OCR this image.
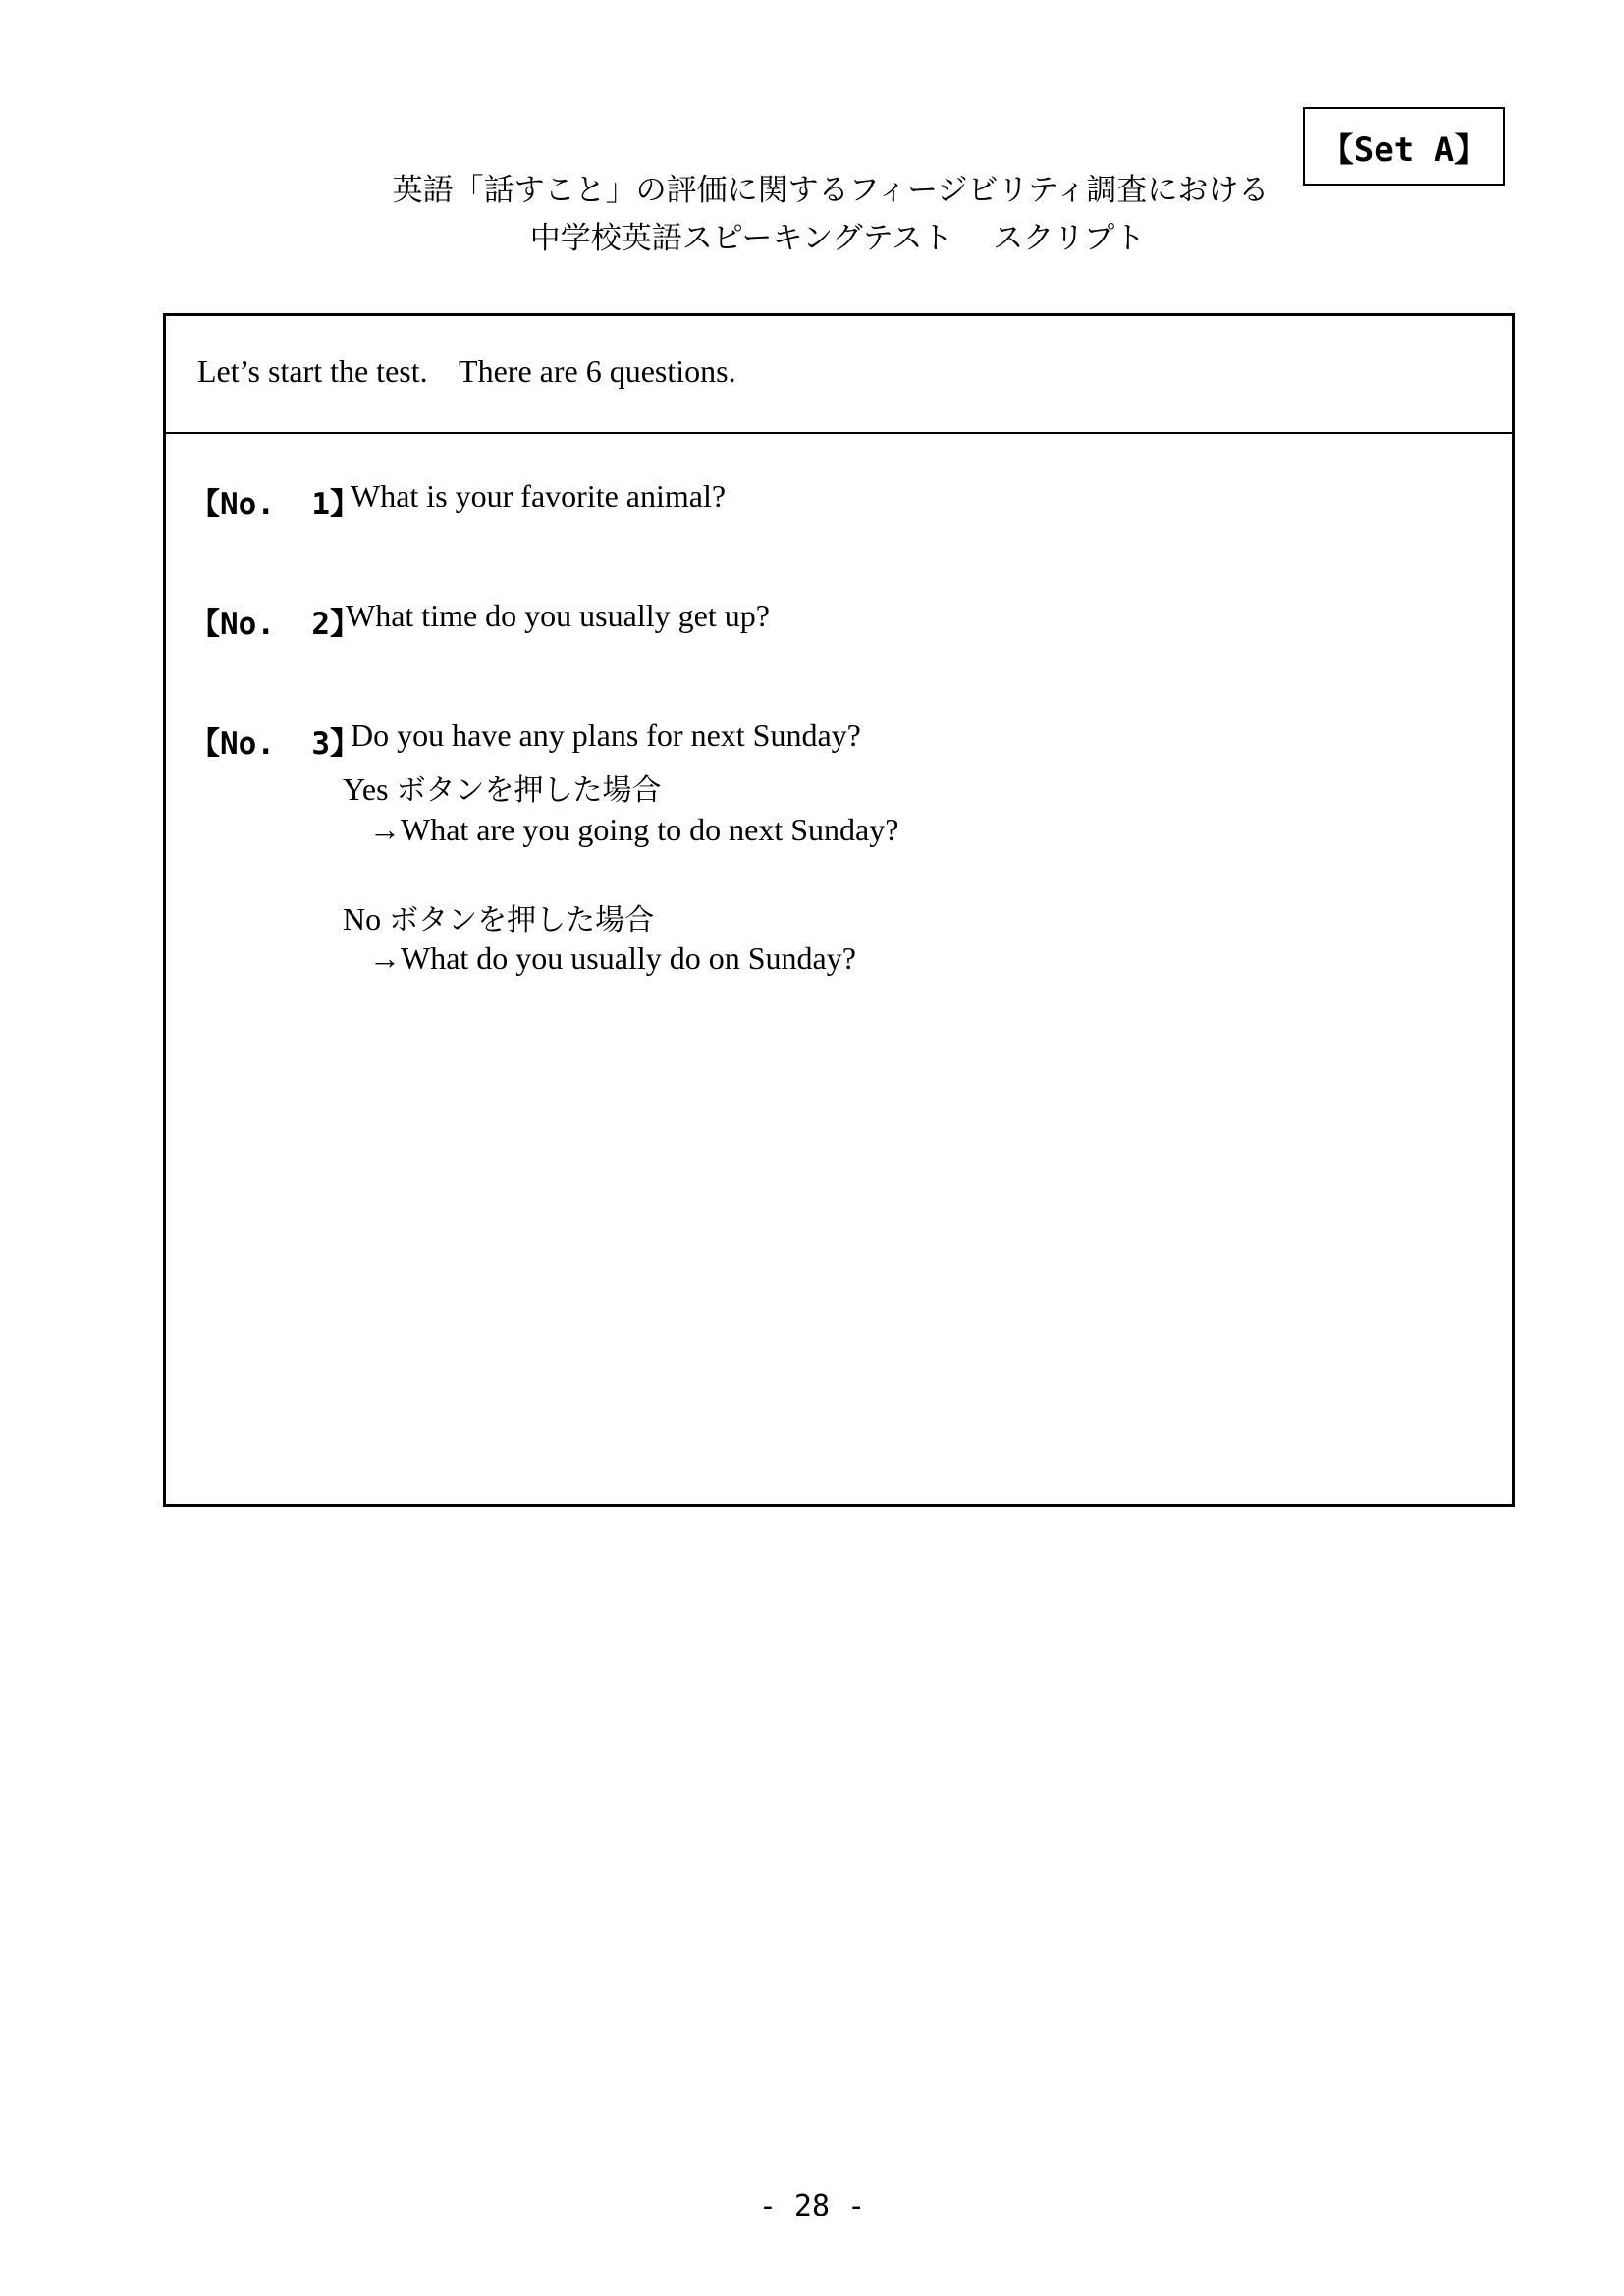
【Set A】
英語「話すこと」の評価に関するフィージビリティ調査における
中学校英語スピーキングテスト　 スクリプト
Let’s start the test.    There are 6 questions.
【No.  1】
What is your favorite animal?
【No.  2】
What time do you usually get up?
【No.  3】
Do you have any plans for next Sunday?
Yes ボタンを押した場合
→What are you going to do next Sunday?
No ボタンを押した場合
→What do you usually do on Sunday?
- 28 -
